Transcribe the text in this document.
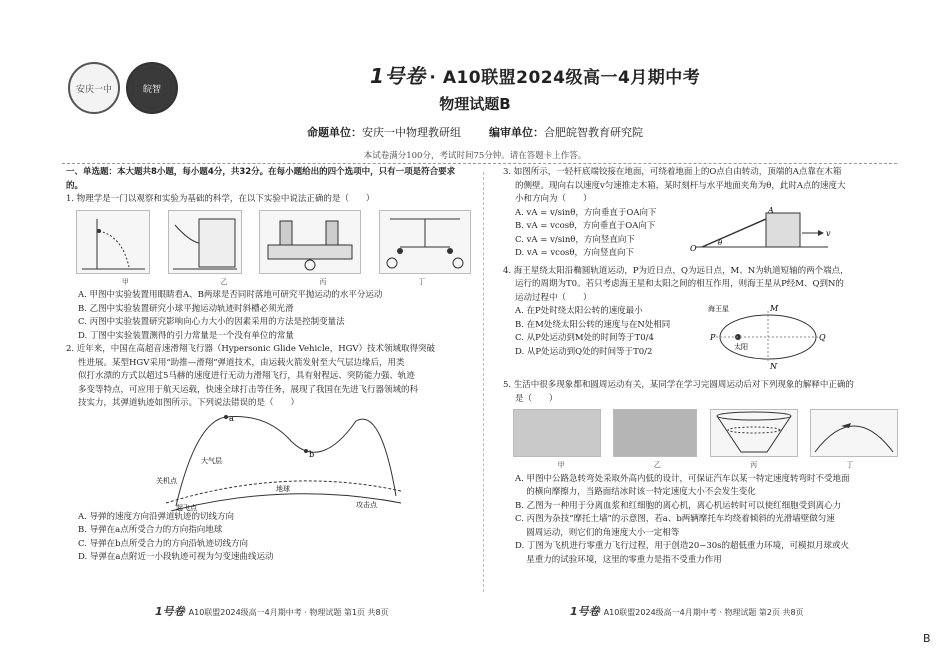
安庆一中	皖智
1号卷 · A10联盟2024级高一4月期中考
物理试题B
命题单位：安庆一中物理教研组	编审单位：合肥皖智教育研究院
本试卷满分100分，考试时间75分钟。请在答题卡上作答。

一、单选题：本大题共8小题，每小题4分，共32分。在每小题给出的四个选项中，只有一项是符合要求的。

1. 物理学是一门以观察和实验为基础的科学，在以下实验中说法正确的是（　　）

甲	乙	丙	丁

A. 甲图中实验装置用眼睛看A、B两球是否同时落地可研究平抛运动的水平分运动

B. 乙图中实验装置研究小球平抛运动轨迹时斜槽必须光滑

C. 丙图中实验装置研究影响向心力大小的因素采用的方法是控制变量法

D. 丁图中实验装置测得的引力常量是一个没有单位的常量

2. 近年来，中国在高超音速滑翔飞行器（Hypersonic Glide Vehicle，HGV）技术领域取得突破

性进展。某型HGV采用“助推—滑翔”弹道技术，由运载火箭发射至大气层边缘后，用类

似打水漂的方式以超过5马赫的速度进行无动力滑翔飞行，具有射程远、突防能力强、轨迹

多变等特点，可应用于航天运载，快速全球打击等任务，展现了我国在先进飞行器领域的科

技实力，其弹道轨迹如图所示。下列说法错误的是（　　）

a
b
大气层
地球
关机点
起飞点	攻击点

A. 导弹的速度方向沿弹道轨迹的切线方向

B. 导弹在a点所受合力的方向指向地球

C. 导弹在b点所受合力的方向沿轨迹切线方向

D. 导弹在a点附近一小段轨迹可视为匀变速曲线运动

3. 如图所示，一轻杆底端铰接在地面，可绕着地面上的O点自由转动，顶端的A点靠在木箱

的侧壁。现向右以速度v匀速推走木箱，某时刻杆与水平地面夹角为θ，此时A点的速度大

小和方向为（　　）

A. vA = v/sinθ，方向垂直于OA向下

B. vA = vcosθ，方向垂直于OA向下

C. vA = v/sinθ，方向竖直向下

D. vA = vcosθ，方向竖直向下	O
A
θ
v

4. 海王星绕太阳沿椭圆轨道运动，P为近日点，Q为远日点，M、N为轨道短轴的两个端点，

运行的周期为T0。若只考虑海王星和太阳之间的相互作用，则海王星从P经M、Q到N的

运动过程中（　　）

A. 在P处时绕太阳公转的速度最小

B. 在M处绕太阳公转的速度与在N处相同

C. 从P处运动到M处的时间等于T0/4

D. 从P处运动到Q处的时间等于T0/2

海王星
太阳
P	Q
M
N

5. 生活中很多现象都和圆周运动有关，某同学在学习完圆周运动后对下列现象的解释中正确的

是（　　）

甲	乙	丙	丁

A. 甲图中公路急转弯处采取外高内低的设计，可保证汽车以某一特定速度转弯时不受地面

　 的横向摩擦力，当路面结冰时该一特定速度大小不会发生变化

B. 乙图为一种用于分离血浆和红细胞的离心机，离心机运转时可以使红细胞受到离心力

C. 丙图为杂技“摩托土墙”的示意图，若a、b两辆摩托车均绕着倾斜的光滑墙壁做匀速

　 圆周运动，则它们的角速度大小一定相等

D. 丁图为飞机进行零重力飞行过程，用于创造20~30s的超低重力环境，可模拟月球或火

　 星重力的试验环境，这里的零重力是指不受重力作用

1号卷 A10联盟2024级高一4月期中考 · 物理试题 第1页 共8页	1号卷 A10联盟2024级高一4月期中考 · 物理试题 第2页 共8页
B
